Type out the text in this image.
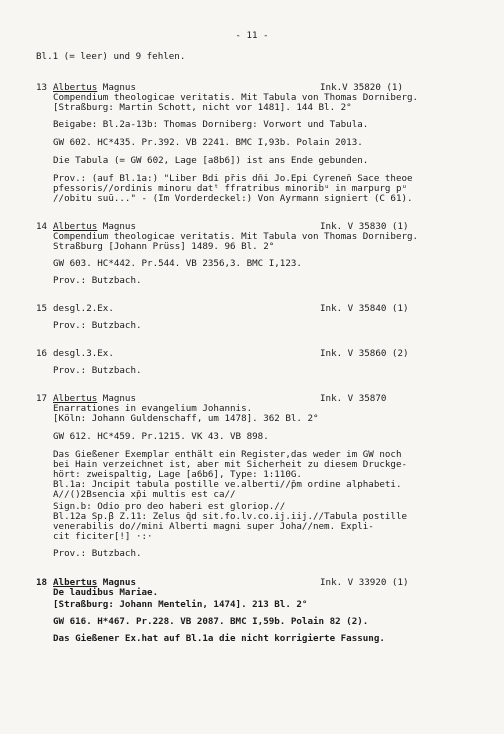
- 11 -
Bl.1 (= leer) und 9 fehlen.
13 Albertus Magnus	Ink.V 35820 (1)
Compendium theologicae veritatis. Mit Tabula von Thomas Dorniberg.
[Straßburg: Martin Schott, nicht vor 1481]. 144 Bl. 2°
Beigabe: Bl.2a-13b: Thomas Dorniberg: Vorwort und Tabula.
GW 602. HC*435. Pr.392. VB 2241. BMC I,93b. Polain 2013.
Die Tabula (= GW 602, Lage [a8b6]) ist ans Ende gebunden.
Prov.: (auf Bl.1a:) "Liber Bdi pr̄is dn̄i Jo.Epi Cyrenen̄ Sace theoe
pfessoris//ordinis minoru datᵗ ffratribus minoribᵘ in marpurg pᵘ
//obitu suū..." - (Im Vorderdeckel:) Von Ayrmann signiert (C 61).
14 Albertus Magnus	Ink. V 35830 (1)
Compendium theologicae veritatis. Mit Tabula von Thomas Dorniberg.
Straßburg [Johann Prüss] 1489. 96 Bl. 2°
GW 603. HC*442. Pr.544. VB 2356,3. BMC I,123.
Prov.: Butzbach.
15 desgl.2.Ex.	Ink. V 35840 (1)
Prov.: Butzbach.
16 desgl.3.Ex.	Ink. V 35860 (2)
Prov.: Butzbach.
17 Albertus Magnus	Ink. V 35870
Enarrationes in evangelium Johannis.
[Köln: Johann Guldenschaff, um 1478]. 362 Bl. 2°
GW 612. HC*459. Pr.1215. VK 43. VB 898.
Das Gießener Exemplar enthält ein Register,das weder im GW noch
bei Hain verzeichnet ist, aber mit Sicherheit zu diesem Druckge-
hört: zweispaltig, Lage [a6b6], Type: 1:110G.
Bl.1a: Jncipit tabula postille ve.alberti//p̄m ordine alphabeti.
A//()2Bsencia xp̄i multis est ca//
Sign.b: Odio pro deo haberi est gloriop.//
Bl.12a Sp.β Z.11: Zelus q̄d sit.fo.lv.co.ij.iij.//Tabula postille
venerabilis do//mini Alberti magni super Joha//nem. Expli-
cit ficiter[!] ·:·
Prov.: Butzbach.
18 Albertus Magnus	Ink. V 33920 (1)
De laudibus Mariae.
[Straßburg: Johann Mentelin, 1474]. 213 Bl. 2°
GW 616. H*467. Pr.228. VB 2087. BMC I,59b. Polain 82 (2).
Das Gießener Ex.hat auf Bl.1a die nicht korrigierte Fassung.
